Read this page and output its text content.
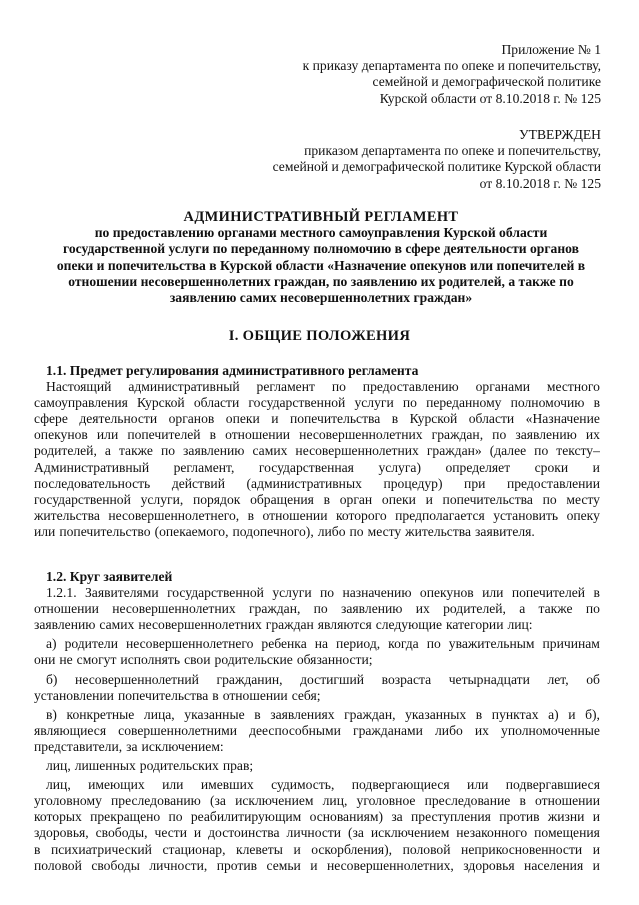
Приложение № 1
к приказу департамента по опеке и попечительству,
семейной и демографической политике
Курской области от 8.10.2018 г. № 125
УТВЕРЖДЕН
приказом департамента по опеке и попечительству,
семейной и демографической политике Курской области
от 8.10.2018 г. № 125
АДМИНИСТРАТИВНЫЙ РЕГЛАМЕНТ
по предоставлению органами местного самоуправления Курской области
государственной услуги по переданному полномочию в сфере деятельности органов
опеки и попечительства в Курской области «Назначение опекунов или попечителей в
отношении несовершеннолетних граждан, по заявлению их родителей, а также по
заявлению самих несовершеннолетних граждан»
I. ОБЩИЕ ПОЛОЖЕНИЯ
1.1. Предмет регулирования административного регламента
Настоящий административный регламент по предоставлению органами местного
самоуправления Курской области государственной услуги по переданному полномочию в
сфере деятельности органов опеки и попечительства в Курской области «Назначение
опекунов или попечителей в отношении несовершеннолетних граждан, по заявлению их
родителей, а также по заявлению самих несовершеннолетних граждан» (далее по тексту–
Административный регламент, государственная услуга) определяет сроки и
последовательность действий (административных процедур) при предоставлении
государственной услуги, порядок обращения в орган опеки и попечительства по месту
жительства несовершеннолетнего, в отношении которого предполагается установить опеку
или попечительство (опекаемого, подопечного), либо по месту жительства заявителя.
1.2. Круг заявителей
1.2.1. Заявителями государственной услуги по назначению опекунов или попечителей в
отношении несовершеннолетних граждан, по заявлению их родителей, а также по
заявлению самих несовершеннолетних граждан являются следующие категории лиц:
а) родители несовершеннолетнего ребенка на период, когда по уважительным причинам
они не смогут исполнять свои родительские обязанности;
б) несовершеннолетний гражданин, достигший возраста четырнадцати лет, об
установлении попечительства в отношении себя;
в) конкретные лица, указанные в заявлениях граждан, указанных в пунктах а) и б),
являющиеся совершеннолетними дееспособными гражданами либо их уполномоченные
представители, за исключением:
лиц, лишенных родительских прав;
лиц, имеющих или имевших судимость, подвергающиеся или подвергавшиеся
уголовному преследованию (за исключением лиц, уголовное преследование в отношении
которых прекращено по реабилитирующим основаниям) за преступления против жизни и
здоровья, свободы, чести и достоинства личности (за исключением незаконного помещения
в психиатрический стационар, клеветы и оскорбления), половой неприкосновенности и
половой свободы личности, против семьи и несовершеннолетних, здоровья населения и
